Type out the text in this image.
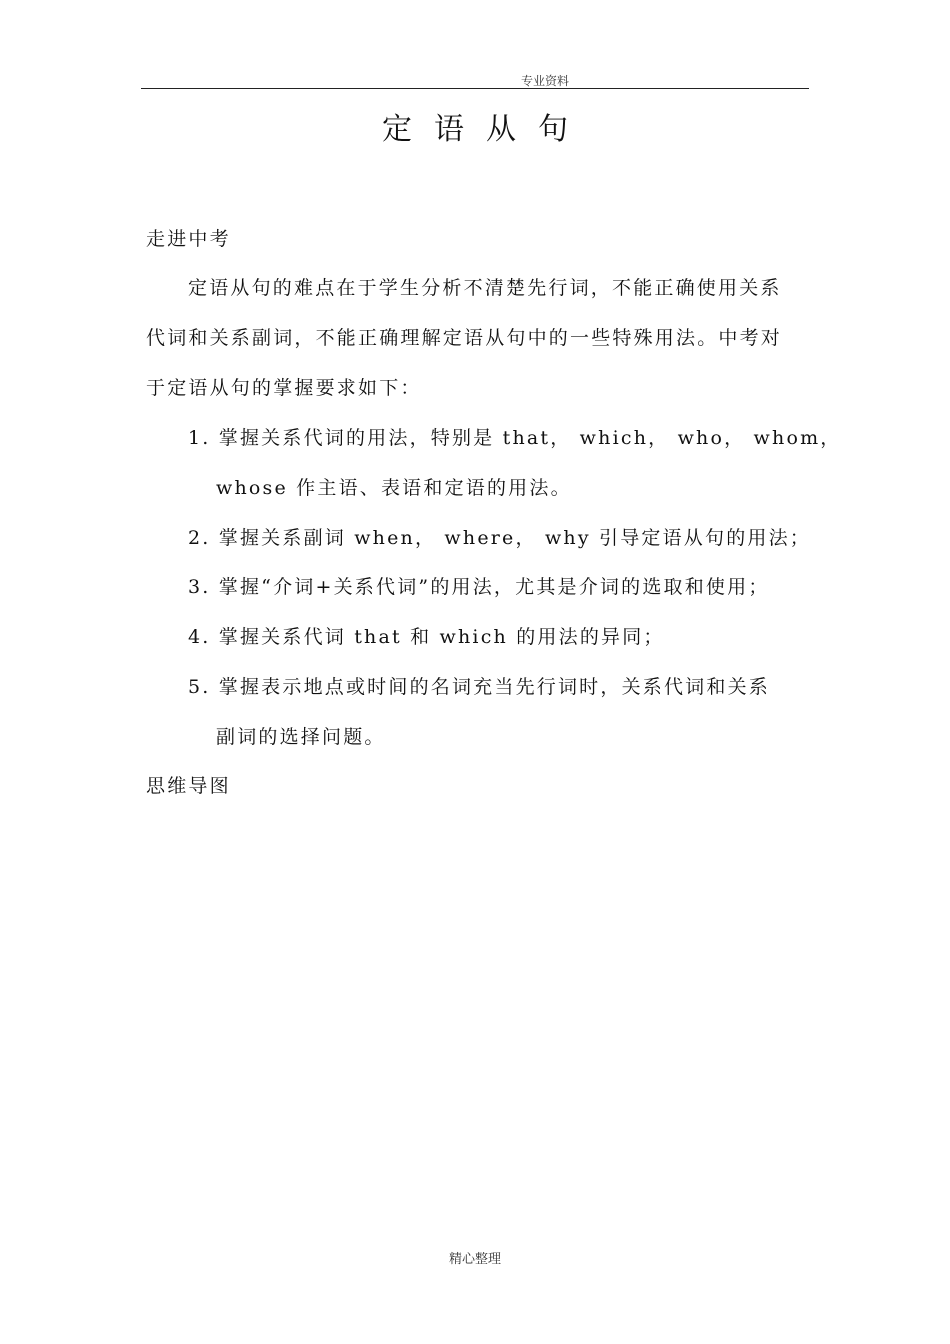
专业资料
定语从句
走进中考
定语从句的难点在于学生分析不清楚先行词，不能正确使用关系
代词和关系副词，不能正确理解定语从句中的一些特殊用法。中考对
于定语从句的掌握要求如下：
1. 掌握关系代词的用法，特别是 that， which， who， whom，
whose 作主语、表语和定语的用法。
2. 掌握关系副词 when， where， why 引导定语从句的用法；
3. 掌握“介词+关系代词”的用法，尤其是介词的选取和使用；
4. 掌握关系代词 that 和 which 的用法的异同；
5. 掌握表示地点或时间的名词充当先行词时，关系代词和关系
副词的选择问题。
思维导图
精心整理
